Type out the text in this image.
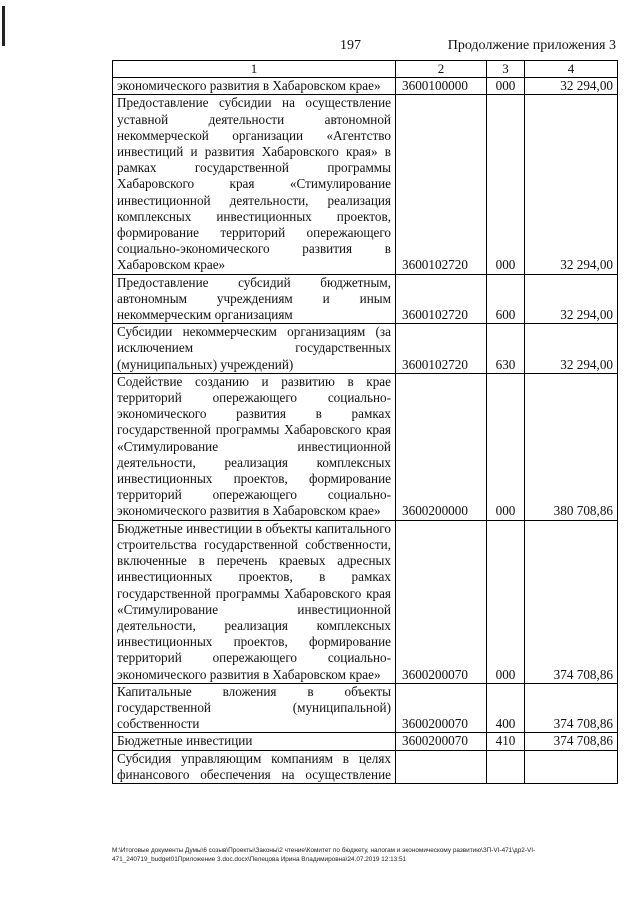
197	Продолжение приложения 3
1	2	3	4
экономического развития в Хабаровском крае»	3600100000	000	32 294,00
Предоставление субсидии на осуществление уставной деятельности автономной некоммерческой организации «Агентство инвестиций и развития Хабаровского края» в рамках государственной программы Хабаровского края «Стимулирование инвестиционной деятельности, реализация комплексных инвестиционных проектов, формирование территорий опережающего социально-экономического развития в Хабаровском крае»	3600102720	000	32 294,00
Предоставление субсидий бюджетным, автономным учреждениям и иным некоммерческим организациям	3600102720	600	32 294,00
Субсидии некоммерческим организациям (за исключением государственных (муниципальных) учреждений)	3600102720	630	32 294,00
Содействие созданию и развитию в крае территорий опережающего социально-экономического развития в рамках государственной программы Хабаровского края «Стимулирование инвестиционной деятельности, реализация комплексных инвестиционных проектов, формирование территорий опережающего социально-экономического развития в Хабаровском крае»	3600200000	000	380 708,86
Бюджетные инвестиции в объекты капитального строительства государственной собственности, включенные в перечень краевых адресных инвестиционных проектов, в рамках государственной программы Хабаровского края «Стимулирование инвестиционной деятельности, реализация комплексных инвестиционных проектов, формирование территорий опережающего социально-экономического развития в Хабаровском крае»	3600200070	000	374 708,86
Капитальные вложения в объекты государственной (муниципальной) собственности	3600200070	400	374 708,86
Бюджетные инвестиции	3600200070	410	374 708,86
Субсидия управляющим компаниям в целях финансового обеспечения на осуществление			
M:\Итоговые документы Думы\6 созыв\Проекты\Законы\2 чтение\Комитет по бюджету, налогам и экономическому развитию\ЗП-VI-471\др2-VI-471_240719_budget01Приложение 3.doc.docx\Пелецова Ирина Владимировна\24.07.2019 12:13:51
